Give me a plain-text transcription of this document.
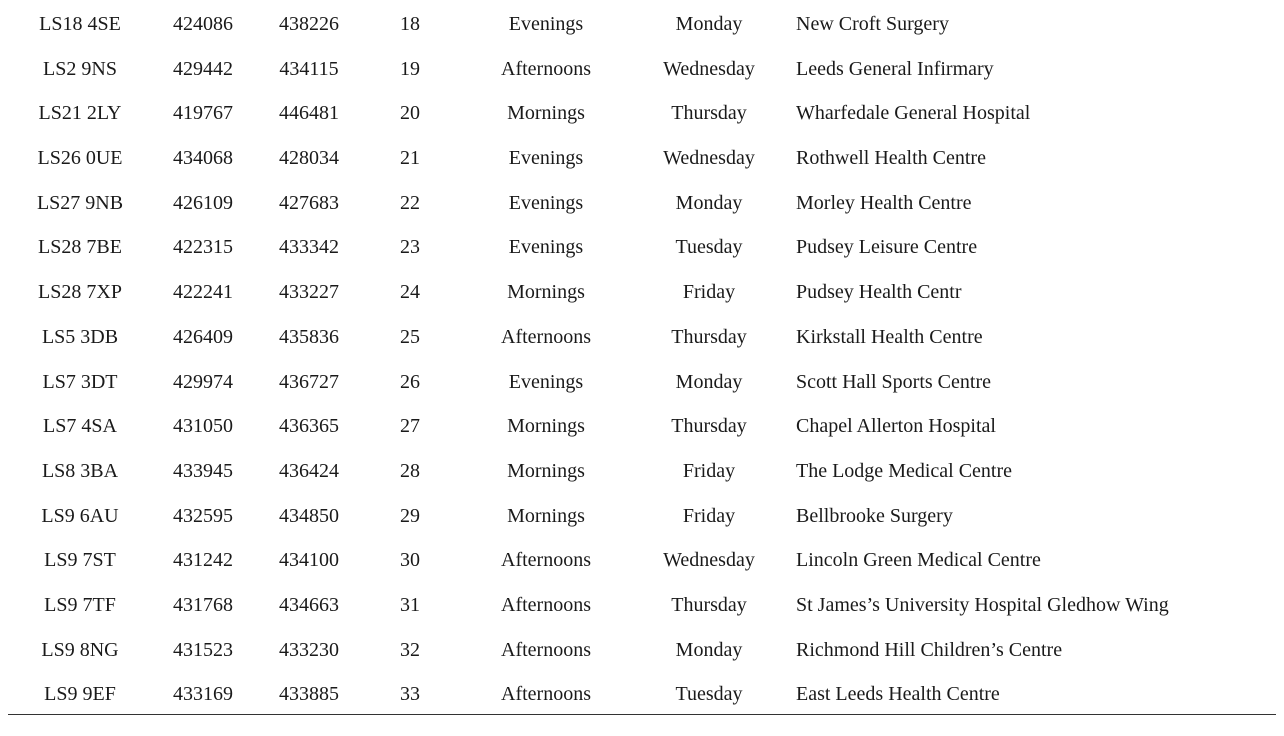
LS18 4SE	424086 438226	18	Evenings	Monday	New Croft Surgery
LS2 9NS	429442 434115	19	Afternoons	Wednesday Leeds General Infirmary
LS21 2LY	419767 446481	20	Mornings	Thursday Wharfedale General Hospital
LS26 0UE	434068 428034	21	Evenings	Wednesday Rothwell Health Centre
LS27 9NB 426109 427683	22	Evenings	Monday	Morley Health Centre
LS28 7BE	422315 433342	23	Evenings	Tuesday	Pudsey Leisure Centre
LS28 7XP	422241 433227	24	Mornings	Friday	Pudsey Health Centr
LS5 3DB	426409 435836	25	Afternoons	Thursday Kirkstall Health Centre
LS7 3DT	429974 436727	26	Evenings	Monday	Scott Hall Sports Centre
LS7 4SA	431050 436365	27	Mornings	Thursday Chapel Allerton Hospital
LS8 3BA	433945 436424	28	Mornings	Friday	The Lodge Medical Centre
LS9 6AU	432595 434850	29	Mornings	Friday	Bellbrooke Surgery
LS9 7ST	431242 434100	30	Afternoons	Wednesday Lincoln Green Medical Centre
LS9 7TF	431768 434663	31	Afternoons	Thursday St James’s University Hospital Gledhow Wing
LS9 8NG	431523 433230	32	Afternoons	Monday	Richmond Hill Children’s Centre
LS9 9EF	433169 433885	33	Afternoons	Tuesday	East Leeds Health Centre
